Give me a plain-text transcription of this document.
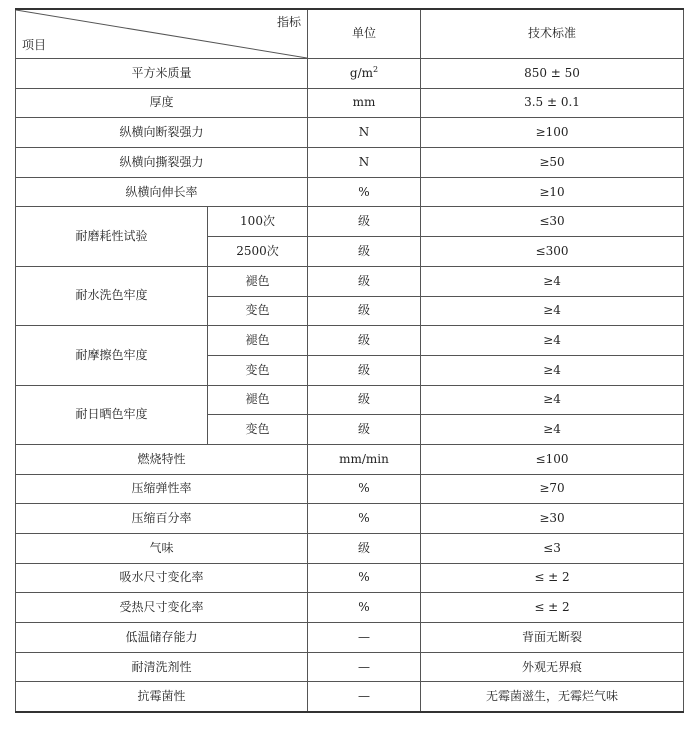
指标
项目		单位	技术标准
平方米质量		$g/m^2$	850 ± 50
厚度		mm	3.5 ± 0.1
纵横向断裂强力		N	≥100
纵横向撕裂强力		N	≥50
纵横向伸长率		%	≥10
耐磨耗性试验	100次	级	≤30
	2500次	级	≤300
耐水洗色牢度	褪色	级	≥4
	变色	级	≥4
耐摩擦色牢度	褪色	级	≥4
	变色	级	≥4
耐日晒色牢度	褪色	级	≥4
	变色	级	≥4
燃烧特性		mm/min	≤100
压缩弹性率		%	≥70
压缩百分率		%	≥30
气味		级	≤3
吸水尺寸变化率		%	≤ ± 2
受热尺寸变化率		%	≤ ± 2
低温储存能力		—	背面无断裂
耐清洗剂性		—	外观无界痕
抗霉菌性		—	无霉菌滋生，无霉烂气味
